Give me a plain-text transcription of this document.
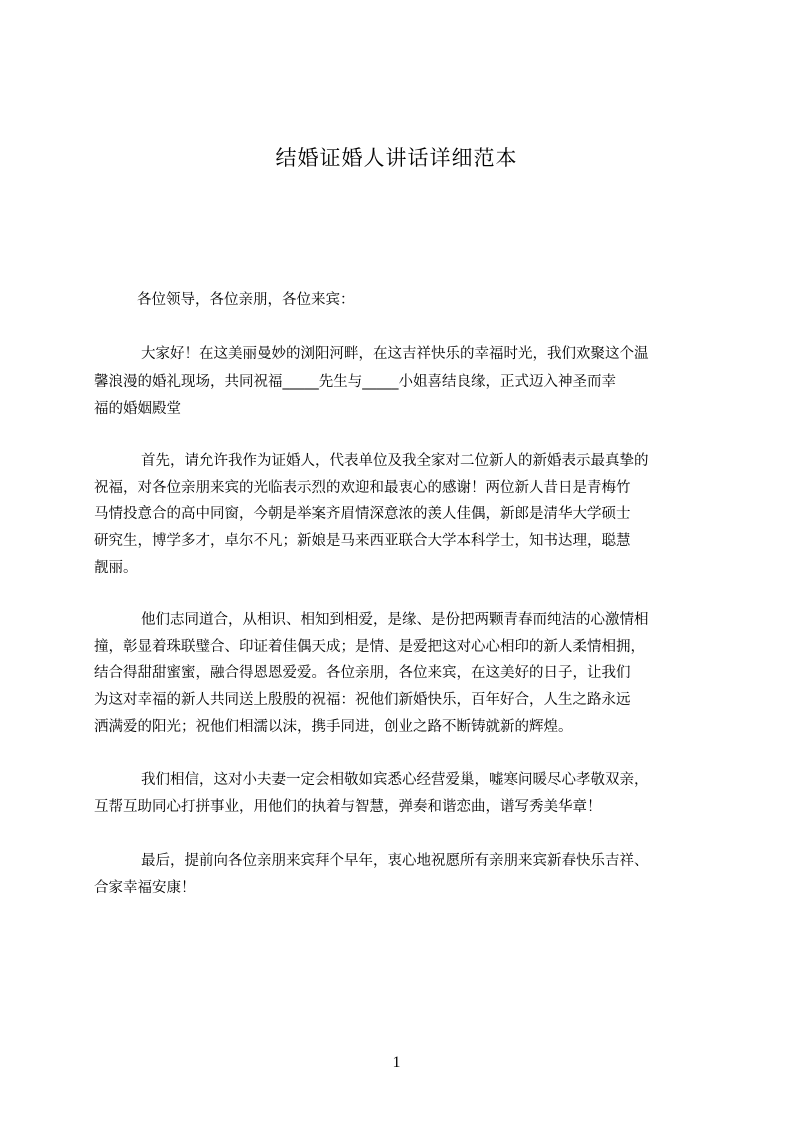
结婚证婚人讲话详细范本

各位领导，各位亲朋，各位来宾：

大家好！在这美丽曼妙的浏阳河畔，在这吉祥快乐的幸福时光，我们欢聚这个温

馨浪漫的婚礼现场，共同祝福_____先生与_____小姐喜结良缘，正式迈入神圣而幸

福的婚姻殿堂

首先，请允许我作为证婚人，代表单位及我全家对二位新人的新婚表示最真挚的

祝福，对各位亲朋来宾的光临表示烈的欢迎和最衷心的感谢！两位新人昔日是青梅竹

马情投意合的高中同窗，今朝是举案齐眉情深意浓的羡人佳偶，新郎是清华大学硕士

研究生，博学多才，卓尔不凡；新娘是马来西亚联合大学本科学士，知书达理，聪慧

靓丽。

他们志同道合，从相识、相知到相爱，是缘、是份把两颗青春而纯洁的心激情相

撞，彰显着珠联璧合、印证着佳偶天成；是情、是爱把这对心心相印的新人柔情相拥，

结合得甜甜蜜蜜，融合得恩恩爱爱。各位亲朋，各位来宾，在这美好的日子，让我们

为这对幸福的新人共同送上殷殷的祝福：祝他们新婚快乐，百年好合，人生之路永远

洒满爱的阳光；祝他们相濡以沫，携手同进，创业之路不断铸就新的辉煌。

我们相信，这对小夫妻一定会相敬如宾悉心经营爱巢，嘘寒问暖尽心孝敬双亲，

互帮互助同心打拼事业，用他们的执着与智慧，弹奏和谐恋曲，谱写秀美华章！

最后，提前向各位亲朋来宾拜个早年，衷心地祝愿所有亲朋来宾新春快乐吉祥、

合家幸福安康！

1
